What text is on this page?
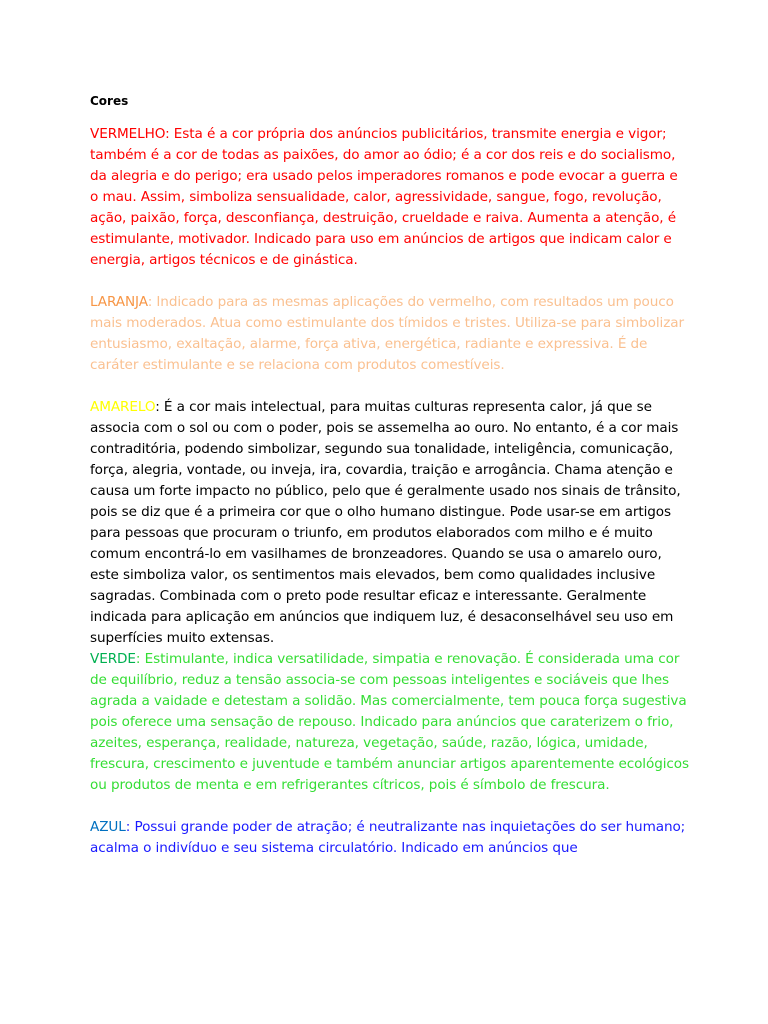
Cores

VERMELHO: Esta é a cor própria dos anúncios publicitários, transmite energia e vigor; também é a cor de todas as paixões, do amor ao ódio; é a cor dos reis e do socialismo, da alegria e do perigo; era usado pelos imperadores romanos e pode evocar a guerra e o mau. Assim, simboliza sensualidade, calor, agressividade, sangue, fogo, revolução, ação, paixão, força, desconfiança, destruição, crueldade e raiva. Aumenta a atenção, é estimulante, motivador. Indicado para uso em anúncios de artigos que indicam calor e energia, artigos técnicos e de ginástica.

LARANJA: Indicado para as mesmas aplicações do vermelho, com resultados um pouco mais moderados. Atua como estimulante dos tímidos e tristes. Utiliza-se para simbolizar entusiasmo, exaltação, alarme, força ativa, energética, radiante e expressiva. É de caráter estimulante e se relaciona com produtos comestíveis.

AMARELO: É a cor mais intelectual, para muitas culturas representa calor, já que se associa com o sol ou com o poder, pois se assemelha ao ouro. No entanto, é a cor mais contraditória, podendo simbolizar, segundo sua tonalidade, inteligência, comunicação, força, alegria, vontade, ou inveja, ira, covardia, traição e arrogância. Chama atenção e causa um forte impacto no público, pelo que é geralmente usado nos sinais de trânsito, pois se diz que é a primeira cor que o olho humano distingue. Pode usar-se em artigos para pessoas que procuram o triunfo, em produtos elaborados com milho e é muito comum encontrá-lo em vasilhames de bronzeadores. Quando se usa o amarelo ouro, este simboliza valor, os sentimentos mais elevados, bem como qualidades inclusive sagradas. Combinada com o preto pode resultar eficaz e interessante. Geralmente indicada para aplicação em anúncios que indiquem luz, é desaconselhável seu uso em superfícies muito extensas.

VERDE: Estimulante, indica versatilidade, simpatia e renovação. É considerada uma cor de equilíbrio, reduz a tensão associa-se com pessoas inteligentes e sociáveis que lhes agrada a vaidade e detestam a solidão. Mas comercialmente, tem pouca força sugestiva pois oferece uma sensação de repouso. Indicado para anúncios que caraterizem o frio, azeites, esperança, realidade, natureza, vegetação, saúde, razão, lógica, umidade, frescura, crescimento e juventude e também anunciar artigos aparentemente ecológicos ou produtos de menta e em refrigerantes cítricos, pois é símbolo de frescura.

AZUL: Possui grande poder de atração; é neutralizante nas inquietações do ser humano; acalma o indivíduo e seu sistema circulatório. Indicado em anúncios que
